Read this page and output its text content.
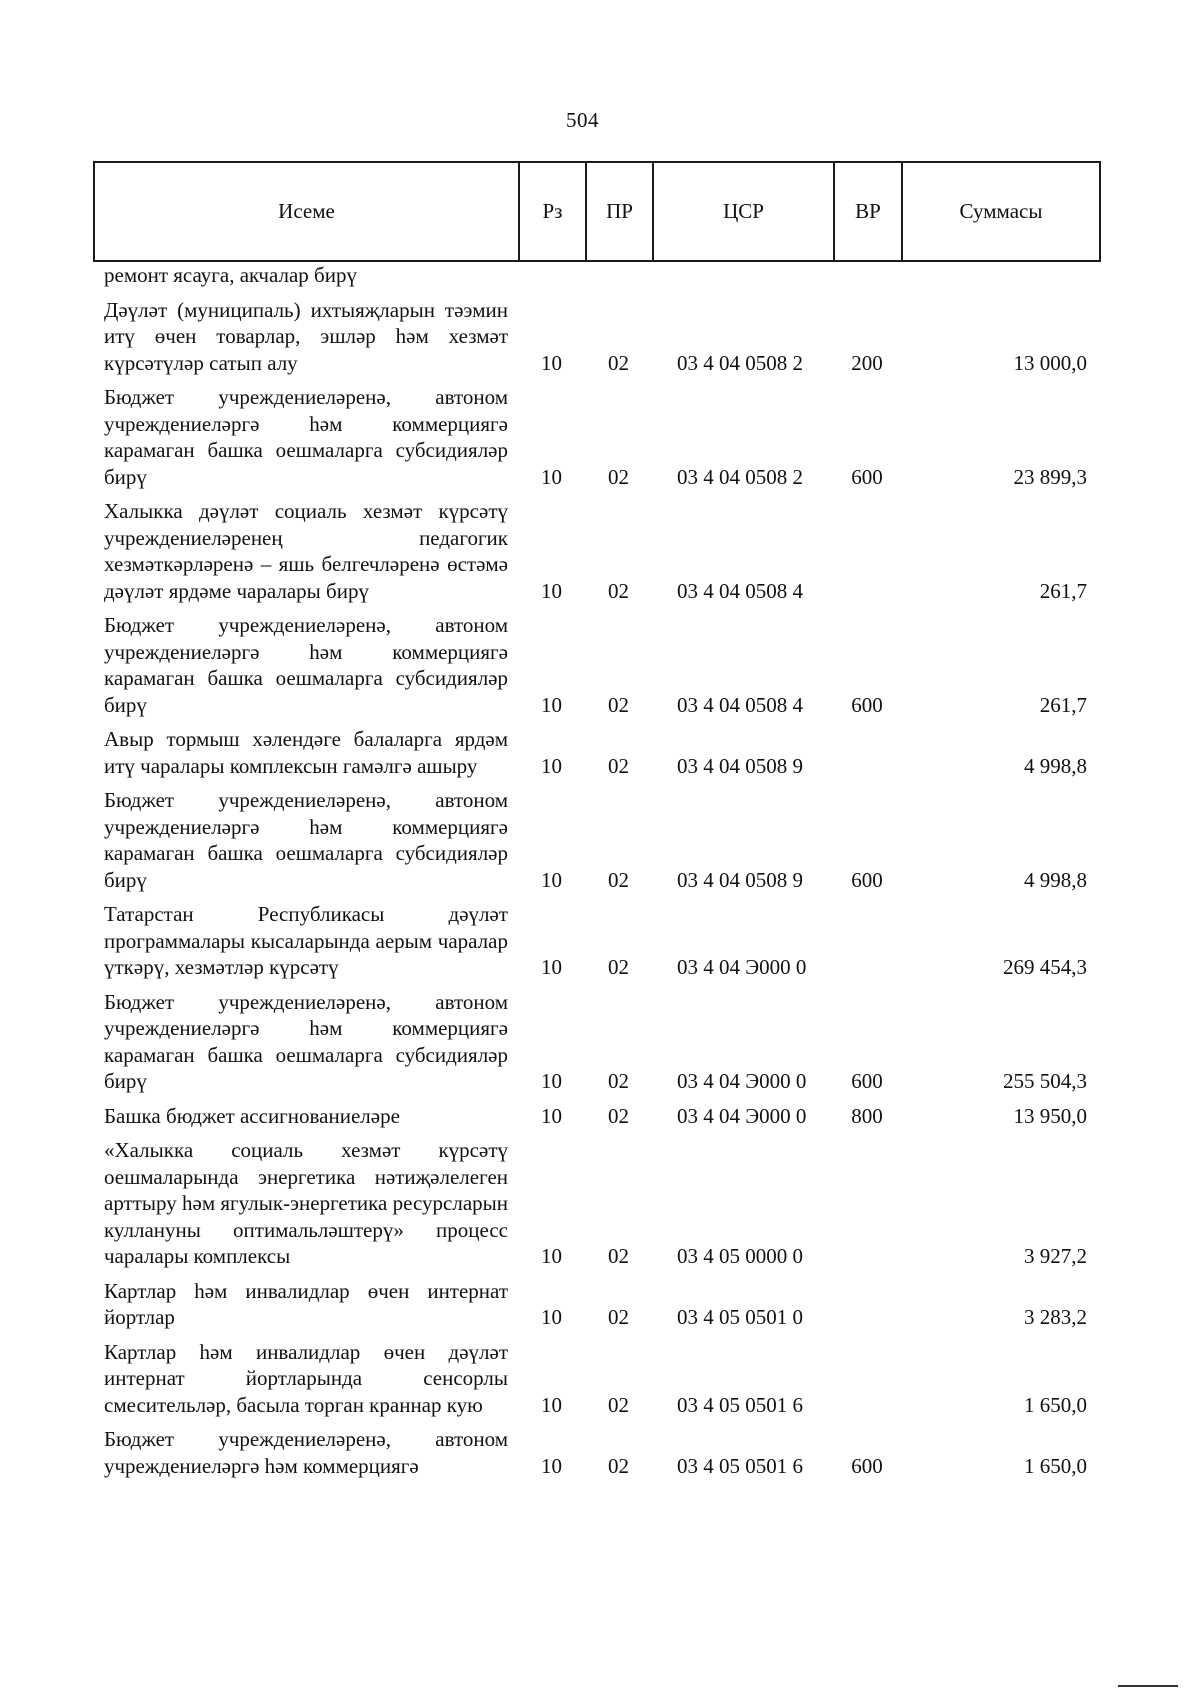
504
Исеме	Рз	ПР	ЦСР	ВР	Суммасы
ремонт ясауга, акчалар бирү					
Дәүләт (муниципаль) ихтыяҗларын тәэмин итү өчен товарлар, эшләр һәм хезмәт күрсәтүләр сатып алу	10	02	03 4 04 0508 2	200	13 000,0
Бюджет учреждениеләренә, автоном учреждениеләргә һәм коммерциягә карамаган башка оешмаларга субсидияләр бирү	10	02	03 4 04 0508 2	600	23 899,3
Халыкка дәүләт социаль хезмәт күрсәтү учреждениеләренең педагогик хезмәткәрләренә – яшь белгечләренә өстәмә дәүләт ярдәме чаралары бирү	10	02	03 4 04 0508 4		261,7
Бюджет учреждениеләренә, автоном учреждениеләргә һәм коммерциягә карамаган башка оешмаларга субсидияләр бирү	10	02	03 4 04 0508 4	600	261,7
Авыр тормыш хәлендәге балаларга ярдәм итү чаралары комплексын гамәлгә ашыру	10	02	03 4 04 0508 9		4 998,8
Бюджет учреждениеләренә, автоном учреждениеләргә һәм коммерциягә карамаган башка оешмаларга субсидияләр бирү	10	02	03 4 04 0508 9	600	4 998,8
Татарстан Республикасы дәүләт программалары кысаларында аерым чаралар үткәрү, хезмәтләр күрсәтү	10	02	03 4 04 Э000 0		269 454,3
Бюджет учреждениеләренә, автоном учреждениеләргә һәм коммерциягә карамаган башка оешмаларга субсидияләр бирү	10	02	03 4 04 Э000 0	600	255 504,3
Башка бюджет ассигнованиеләре	10	02	03 4 04 Э000 0	800	13 950,0
«Халыкка социаль хезмәт күрсәтү оешмаларында энергетика нәтиҗәлелеген арттыру һәм ягулык-энергетика ресурсларын куллануны оптимальләштерү» процесс чаралары комплексы	10	02	03 4 05 0000 0		3 927,2
Картлар һәм инвалидлар өчен интернат йортлар	10	02	03 4 05 0501 0		3 283,2
Картлар һәм инвалидлар өчен дәүләт интернат йортларында сенсорлы смесительләр, басыла торган краннар кую	10	02	03 4 05 0501 6		1 650,0
Бюджет учреждениеләренә, автоном учреждениеләргә һәм коммерциягә	10	02	03 4 05 0501 6	600	1 650,0
